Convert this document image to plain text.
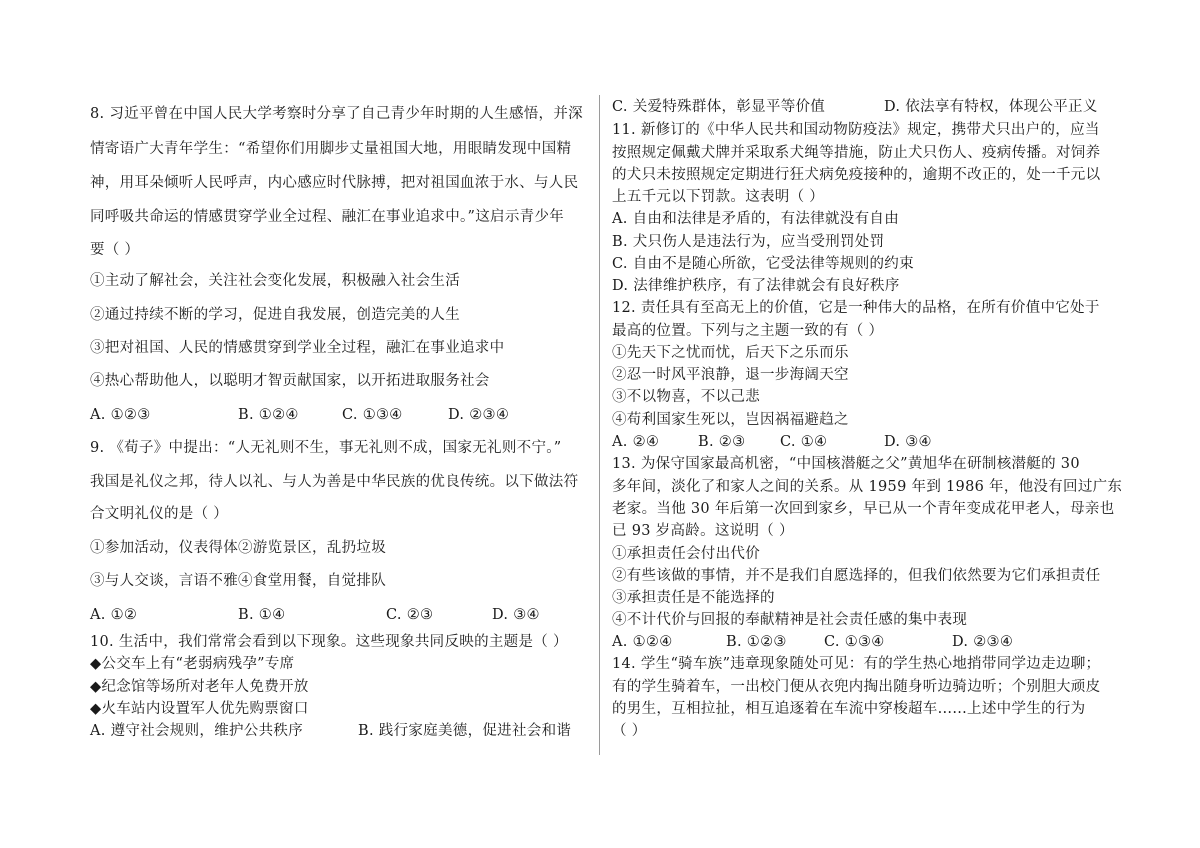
8. 习近平曾在中国人民大学考察时分享了自己青少年时期的人生感悟，并深
情寄语广大青年学生：“希望你们用脚步丈量祖国大地，用眼睛发现中国精
神，用耳朵倾听人民呼声，内心感应时代脉搏，把对祖国血浓于水、与人民
同呼吸共命运的情感贯穿学业全过程、融汇在事业追求中。”这启示青少年
要（ ）
①主动了解社会，关注社会变化发展，积极融入社会生活
②通过持续不断的学习，促进自我发展，创造完美的人生
③把对祖国、人民的情感贯穿到学业全过程，融汇在事业追求中
④热心帮助他人，以聪明才智贡献国家，以开拓进取服务社会
A. ①②③	B. ①②④	C. ①③④	D. ②③④
9. 《荀子》中提出：“人无礼则不生，事无礼则不成，国家无礼则不宁。”
我国是礼仪之邦，待人以礼、与人为善是中华民族的优良传统。以下做法符
合文明礼仪的是（ ）
①参加活动，仪表得体②游览景区，乱扔垃圾
③与人交谈，言语不雅④食堂用餐，自觉排队
A. ①②	B. ①④	C. ②③	D. ③④
10. 生活中，我们常常会看到以下现象。这些现象共同反映的主题是（ ）
◆公交车上有“老弱病残孕”专席
◆纪念馆等场所对老年人免费开放
◆火车站内设置军人优先购票窗口
A. 遵守社会规则，维护公共秩序	B. 践行家庭美德，促进社会和谐
C. 关爱特殊群体，彰显平等价值	D. 依法享有特权，体现公平正义
11. 新修订的《中华人民共和国动物防疫法》规定，携带犬只出户的，应当
按照规定佩戴犬牌并采取系犬绳等措施，防止犬只伤人、疫病传播。对饲养
的犬只未按照规定定期进行狂犬病免疫接种的，逾期不改正的，处一千元以
上五千元以下罚款。这表明（ ）
A. 自由和法律是矛盾的，有法律就没有自由
B. 犬只伤人是违法行为，应当受刑罚处罚
C. 自由不是随心所欲，它受法律等规则的约束
D. 法律维护秩序，有了法律就会有良好秩序
12. 责任具有至高无上的价值，它是一种伟大的品格，在所有价值中它处于
最高的位置。下列与之主题一致的有（ ）
①先天下之忧而忧，后天下之乐而乐
②忍一时风平浪静，退一步海阔天空
③不以物喜，不以己悲
④苟利国家生死以，岂因祸福避趋之
A. ②④	B. ②③ C. ①④	D. ③④
13. 为保守国家最高机密，“中国核潜艇之父”黄旭华在研制核潜艇的 30
多年间，淡化了和家人之间的关系。从 1959 年到 1986 年，他没有回过广东
老家。当他 30 年后第一次回到家乡，早已从一个青年变成花甲老人，母亲也
已 93 岁高龄。这说明（ ）
①承担责任会付出代价
②有些该做的事情，并不是我们自愿选择的，但我们依然要为它们承担责任
③承担责任是不能选择的
④不计代价与回报的奉献精神是社会责任感的集中表现
A. ①②④	B. ①②③	C. ①③④	D. ②③④
14. 学生“骑车族”违章现象随处可见：有的学生热心地捎带同学边走边聊；
有的学生骑着车，一出校门便从衣兜内掏出随身听边骑边听；个别胆大顽皮
的男生，互相拉扯，相互追逐着在车流中穿梭超车......上述中学生的行为
（ ）
